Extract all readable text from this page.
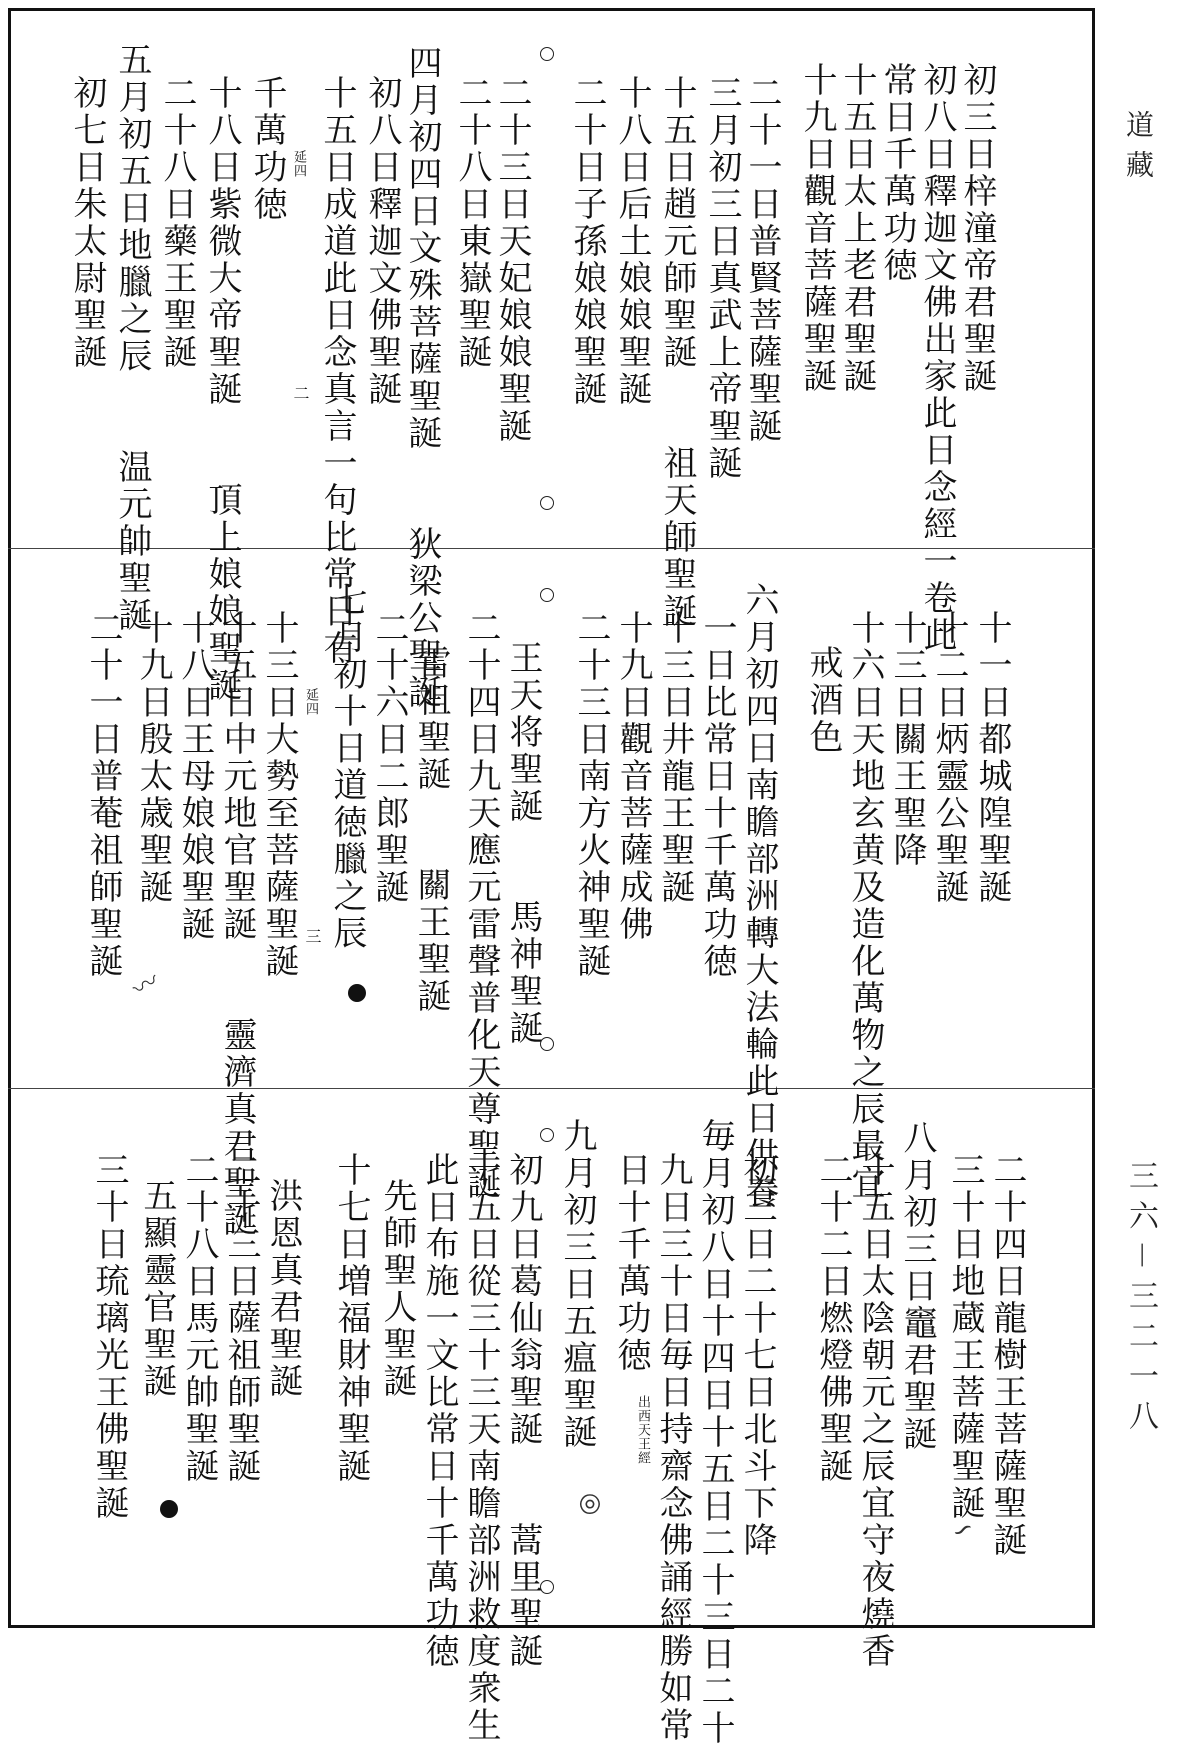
道藏
三六－三二一八
初三日梓潼帝君聖誕
初八日釋迦文佛出家此日念經一卷此
常日千萬功徳
十五日太上老君聖誕
十九日觀音菩薩聖誕
二十一日普賢菩薩聖誕
三月初三日真武上帝聖誕
十五日趙元師聖誕　　祖天師聖誕
十八日后土娘娘聖誕
二十日子孫娘娘聖誕
二十三日天妃娘娘聖誕
二十八日東嶽聖誕
四月初四日文殊菩薩聖誕　　狄梁公聖誕
初八日釋迦文佛聖誕
十五日成道此日念真言一句比常日有
千萬功徳
十八日紫微大帝聖誕　　頂上娘娘聖誕
二十八日藥王聖誕
五月初五日地臘之辰　　温元帥聖誕
初七日朱太尉聖誕	延四
二
十一日都城隍聖誕
十二日炳靈公聖誕
十三日關王聖降
十六日天地玄黄及造化萬物之辰最宜
戒酒色
六月初四日南瞻部洲轉大法輪此日供養
一日比常日十千萬功徳
十三日井龍王聖誕
十九日觀音菩薩成佛
二十三日南方火神聖誕
王天将聖誕　　馬神聖誕
二十四日九天應元雷聲普化天尊聖誕
雷祖聖誕　　關王聖誕
二十六日二郎聖誕
七月初十日道徳臘之辰
十三日大勢至菩薩聖誕
十五日中元地官聖誕　　靈濟真君聖誕
十八日王母娘娘聖誕
十九日殷太歳聖誕
二十一日普菴祖師聖誕	延四
三
〰
二十四日龍樹王菩薩聖誕
三十日地蔵王菩薩聖誕
八月初三日竈君聖誕
十五日太陰朝元之辰宜守夜燒香
二十二日燃燈佛聖誕
初三日二十七日北斗下降
毎月初八日十四日十五日二十三日二十
九日三十日毎日持齋念佛誦經勝如常
日十千萬功徳
九月初三日五瘟聖誕
初九日葛仙翁聖誕　　蒿里聖誕
十五日從三十三天南瞻部洲救度衆生
此日布施一文比常日十千萬功徳
先師聖人聖誕
十七日増福財神聖誕
洪恩真君聖誕
二十三日薩祖師聖誕
二十八日馬元帥聖誕
五顯靈官聖誕
三十日琉璃光王佛聖誕	出西天王經
◎
∽
